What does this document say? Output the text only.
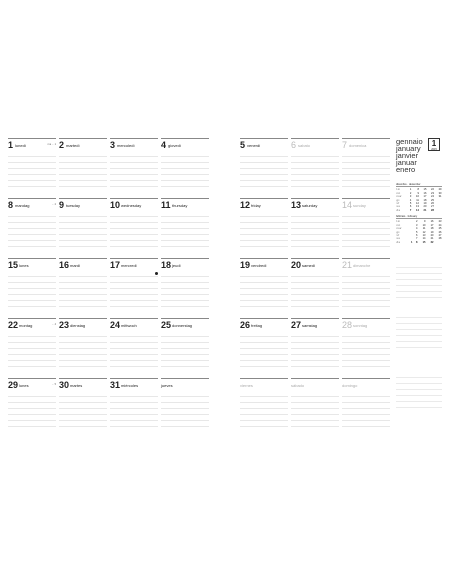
1 lunedì	ma ... 1 2 martedì	3 mercoledì	4 giovedì
8 mandag	... 2 9 tuesday	10 wednesday 11 thursday
15 lunes	16 mardi	17 mercredi	18 jeudi
22 montag	... 4 23 dienstag	24 mittwoch	25 donnerstag
29 lunes	... 5 30 martes	31 miércoles	jueves
5 venerdì	6 sabato	7 domenica
12 friday	13 saturday	14 sunday
19 vendredi	20 samedi	21 dimanche
26 freitag	27 samstag	28 sonntag
viernes	sábado	domingo
gennaio
january
janvier
januar
enero
1
2015
dicembre · december
l.m	1	8	15	22	29
m.t	2	9	16	23	30
m.w	3	10	17	24	31
g.t	4	11	18	25	
v.f	5	12	19	26	
s.s	6	13	20	27	
d.s	7	14	21	28	
febbraio · february
l.m		2	9	16	23
m.t		3	10	17	24
m.w		4	11	18	25
g.t		5	12	19	26
v.f		6	13	20	27
s.s		7	14	21	28
d.s	1	8	15	22	
